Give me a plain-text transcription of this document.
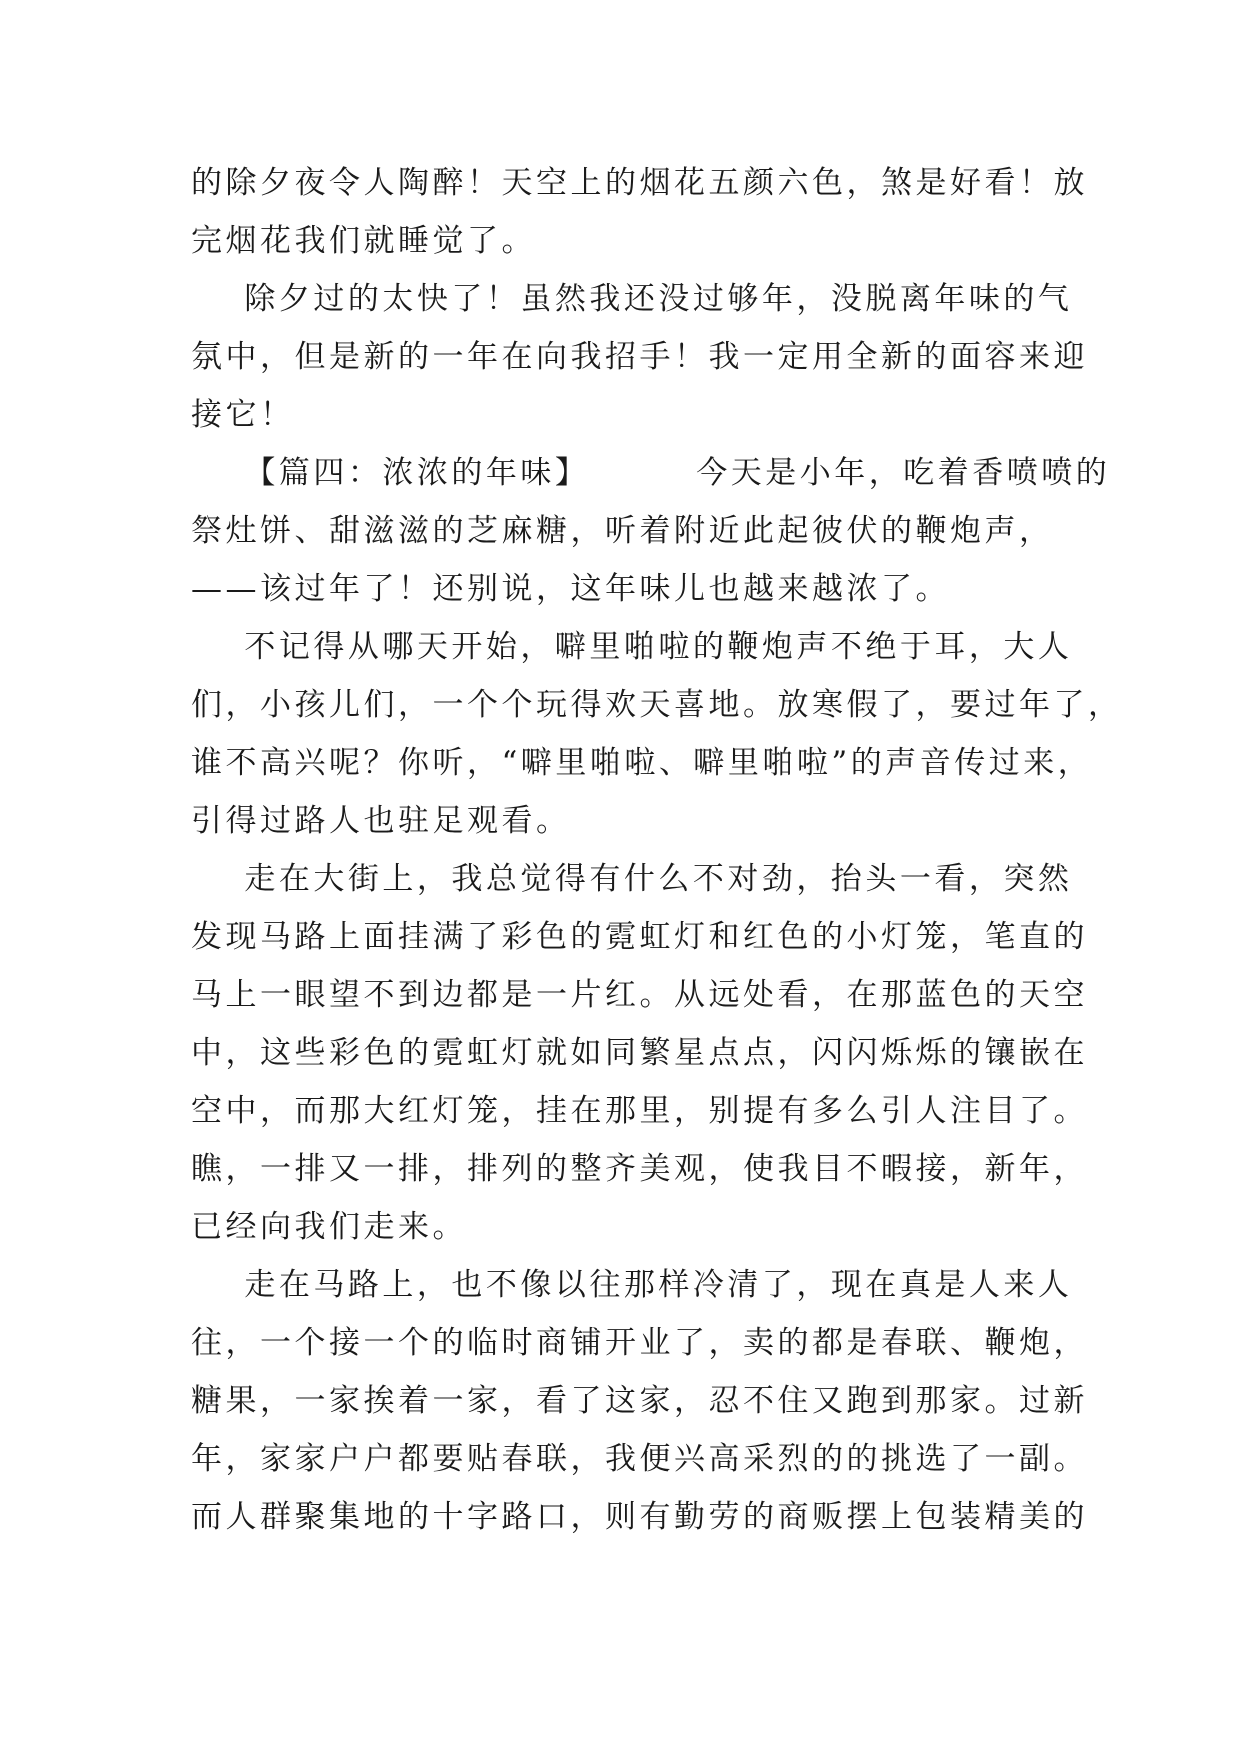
的除夕夜令人陶醉！天空上的烟花五颜六色，煞是好看！放
完烟花我们就睡觉了。
除夕过的太快了！虽然我还没过够年，没脱离年味的气
氛中，但是新的一年在向我招手！我一定用全新的面容来迎
接它！
【篇四：浓浓的年味】        今天是小年，吃着香喷喷的
祭灶饼、甜滋滋的芝麻糖，听着附近此起彼伏的鞭炮声，
——该过年了！还别说，这年味儿也越来越浓了。
不记得从哪天开始，噼里啪啦的鞭炮声不绝于耳，大人
们，小孩儿们，一个个玩得欢天喜地。放寒假了，要过年了，
谁不高兴呢？你听，“噼里啪啦、噼里啪啦”的声音传过来，
引得过路人也驻足观看。
走在大街上，我总觉得有什么不对劲，抬头一看，突然
发现马路上面挂满了彩色的霓虹灯和红色的小灯笼，笔直的
马上一眼望不到边都是一片红。从远处看，在那蓝色的天空
中，这些彩色的霓虹灯就如同繁星点点，闪闪烁烁的镶嵌在
空中，而那大红灯笼，挂在那里，别提有多么引人注目了。
瞧，一排又一排，排列的整齐美观，使我目不暇接，新年，
已经向我们走来。
走在马路上，也不像以往那样冷清了，现在真是人来人
往，一个接一个的临时商铺开业了，卖的都是春联、鞭炮，
糖果，一家挨着一家，看了这家，忍不住又跑到那家。过新
年，家家户户都要贴春联，我便兴高采烈的的挑选了一副。
而人群聚集地的十字路口，则有勤劳的商贩摆上包装精美的
